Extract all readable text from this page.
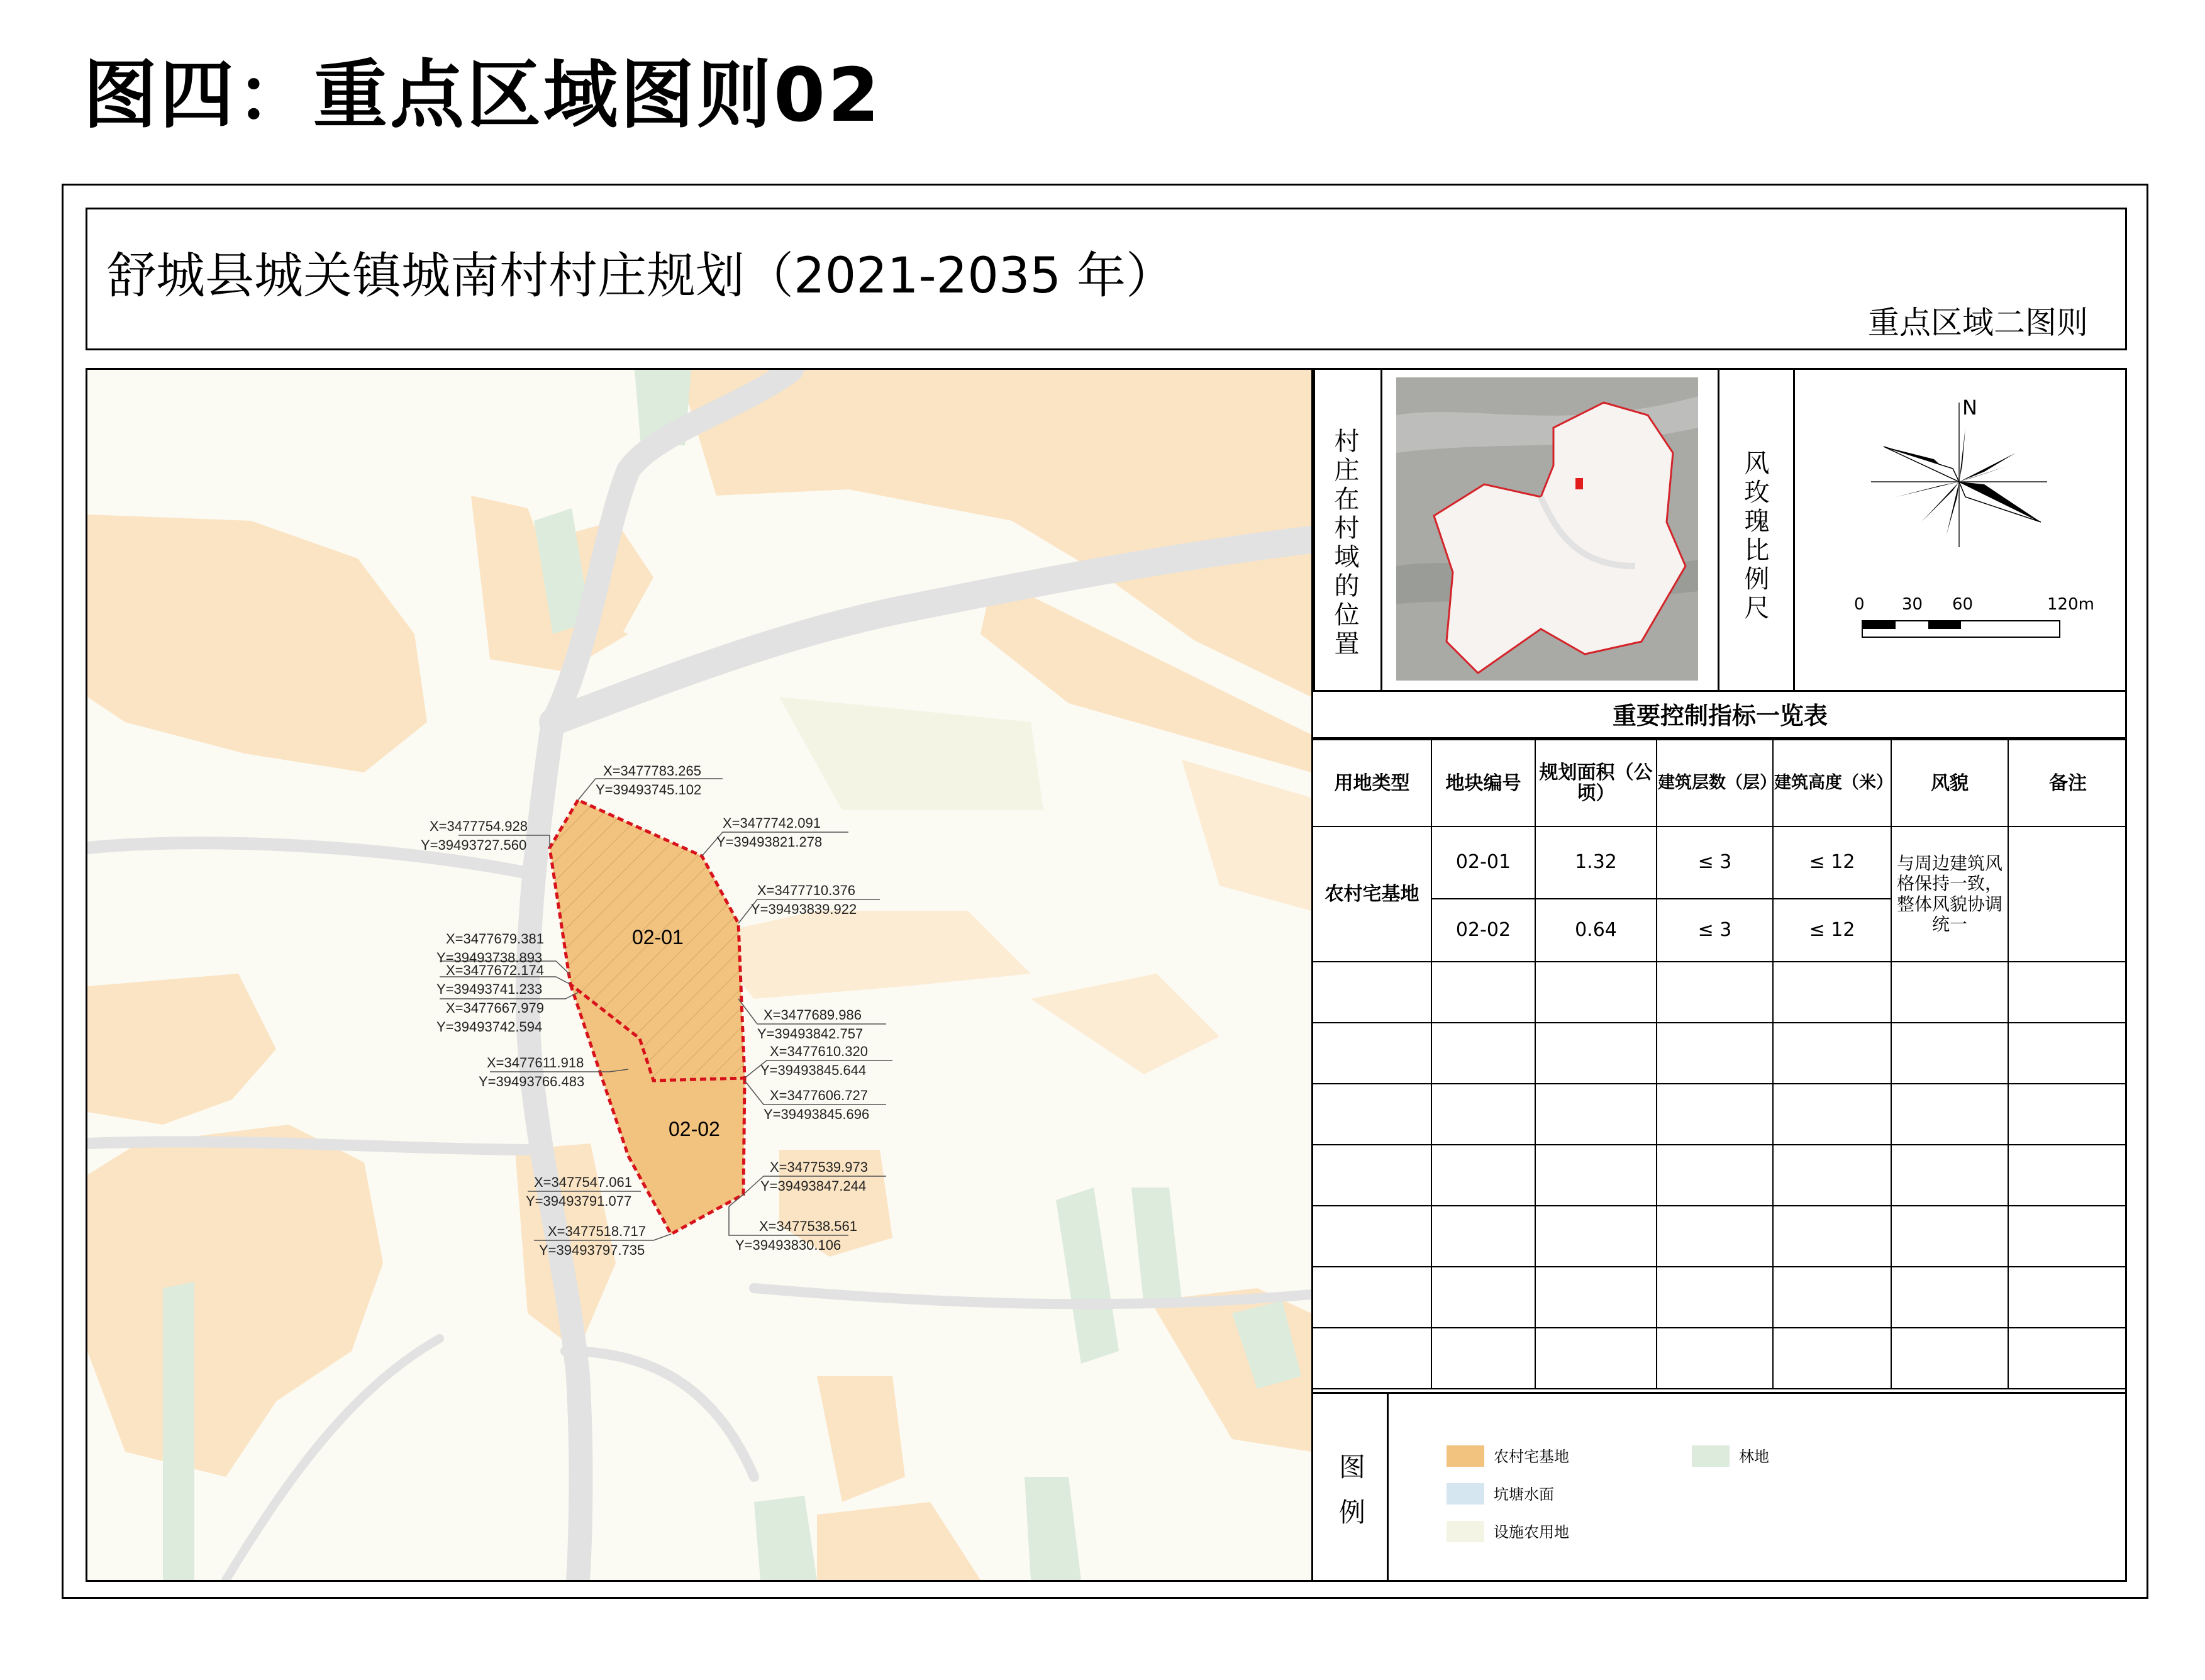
图四：重点区域图则02
舒城县城关镇城南村村庄规划（2021-2035 年）
重点区域二图则
02-01
02-02
X=3477783.265
Y=39493745.102
X=3477754.928
Y=39493727.560
X=3477742.091
Y=39493821.278
X=3477710.376
Y=39493839.922
X=3477679.381
Y=39493738.893
X=3477672.174
Y=39493741.233
X=3477689.986
Y=39493842.757
X=3477667.979
Y=39493742.594
X=3477610.320
Y=39493845.644
X=3477611.918
Y=39493766.483
X=3477606.727
Y=39493845.696
X=3477539.973
Y=39493847.244
X=3477547.061
Y=39493791.077
X=3477538.561
Y=39493830.106
X=3477518.717
Y=39493797.735
村庄在村域的位置	风玫瑰比例尺
N
0 30 60	120m
重要控制指标一览表
用地类型	地块编号	规划面积（公顷）	建筑层数（层）	建筑高度（米）	风貌	备注
农村宅基地	02-01	1.32	≤ 3	≤ 12	与周边建筑风格保持一致，整体风貌协调统一	
	02-02	0.64	≤ 3	≤ 12		

图例	农村宅基地	林地
坑塘水面
设施农用地
